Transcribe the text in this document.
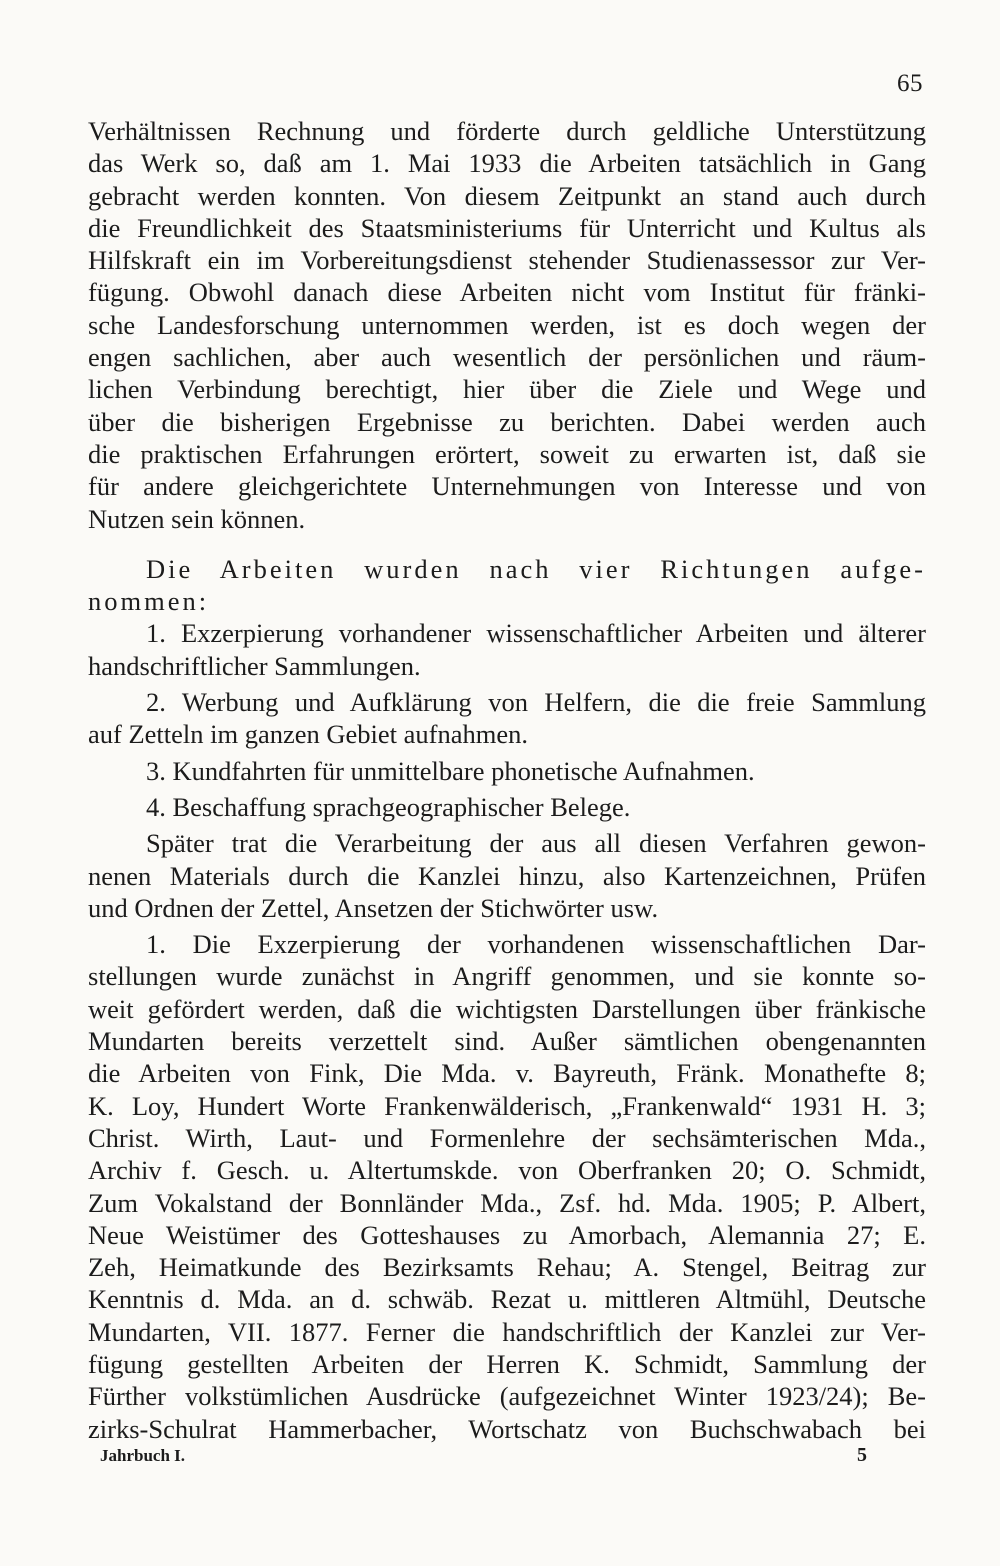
65
Verhältnissen Rechnung und förderte durch geldliche Unterstützung
das Werk so, daß am 1. Mai 1933 die Arbeiten tatsächlich in Gang
gebracht werden konnten. Von diesem Zeitpunkt an stand auch durch
die Freundlichkeit des Staatsministeriums für Unterricht und Kultus als
Hilfskraft ein im Vorbereitungsdienst stehender Studienassessor zur Ver-
fügung. Obwohl danach diese Arbeiten nicht vom Institut für fränki-
sche Landesforschung unternommen werden, ist es doch wegen der
engen sachlichen, aber auch wesentlich der persönlichen und räum-
lichen Verbindung berechtigt, hier über die Ziele und Wege und
über die bisherigen Ergebnisse zu berichten. Dabei werden auch
die praktischen Erfahrungen erörtert, soweit zu erwarten ist, daß sie
für andere gleichgerichtete Unternehmungen von Interesse und von
Nutzen sein können.
Die Arbeiten wurden nach vier Richtungen aufge-
nommen:
1. Exzerpierung vorhandener wissenschaftlicher Arbeiten und älterer
handschriftlicher Sammlungen.
2. Werbung und Aufklärung von Helfern, die die freie Sammlung
auf Zetteln im ganzen Gebiet aufnahmen.
3. Kundfahrten für unmittelbare phonetische Aufnahmen.
4. Beschaffung sprachgeographischer Belege.
Später trat die Verarbeitung der aus all diesen Verfahren gewon-
nenen Materials durch die Kanzlei hinzu, also Kartenzeichnen, Prüfen
und Ordnen der Zettel, Ansetzen der Stichwörter usw.
1. Die Exzerpierung der vorhandenen wissenschaftlichen Dar-
stellungen wurde zunächst in Angriff genommen, und sie konnte so-
weit gefördert werden, daß die wichtigsten Darstellungen über fränkische
Mundarten bereits verzettelt sind. Außer sämtlichen obengenannten
die Arbeiten von Fink, Die Mda. v. Bayreuth, Fränk. Monathefte 8;
K. Loy, Hundert Worte Frankenwälderisch, „Frankenwald“ 1931 H. 3;
Christ. Wirth, Laut- und Formenlehre der sechsämterischen Mda.,
Archiv f. Gesch. u. Altertumskde. von Oberfranken 20; O. Schmidt,
Zum Vokalstand der Bonnländer Mda., Zsf. hd. Mda. 1905; P. Albert,
Neue Weistümer des Gotteshauses zu Amorbach, Alemannia 27; E.
Zeh, Heimatkunde des Bezirksamts Rehau; A. Stengel, Beitrag zur
Kenntnis d. Mda. an d. schwäb. Rezat u. mittleren Altmühl, Deutsche
Mundarten, VII. 1877. Ferner die handschriftlich der Kanzlei zur Ver-
fügung gestellten Arbeiten der Herren K. Schmidt, Sammlung der
Fürther volkstümlichen Ausdrücke (aufgezeichnet Winter 1923/24); Be-
zirks-Schulrat Hammerbacher, Wortschatz von Buchschwabach bei
Jahrbuch I.	5
